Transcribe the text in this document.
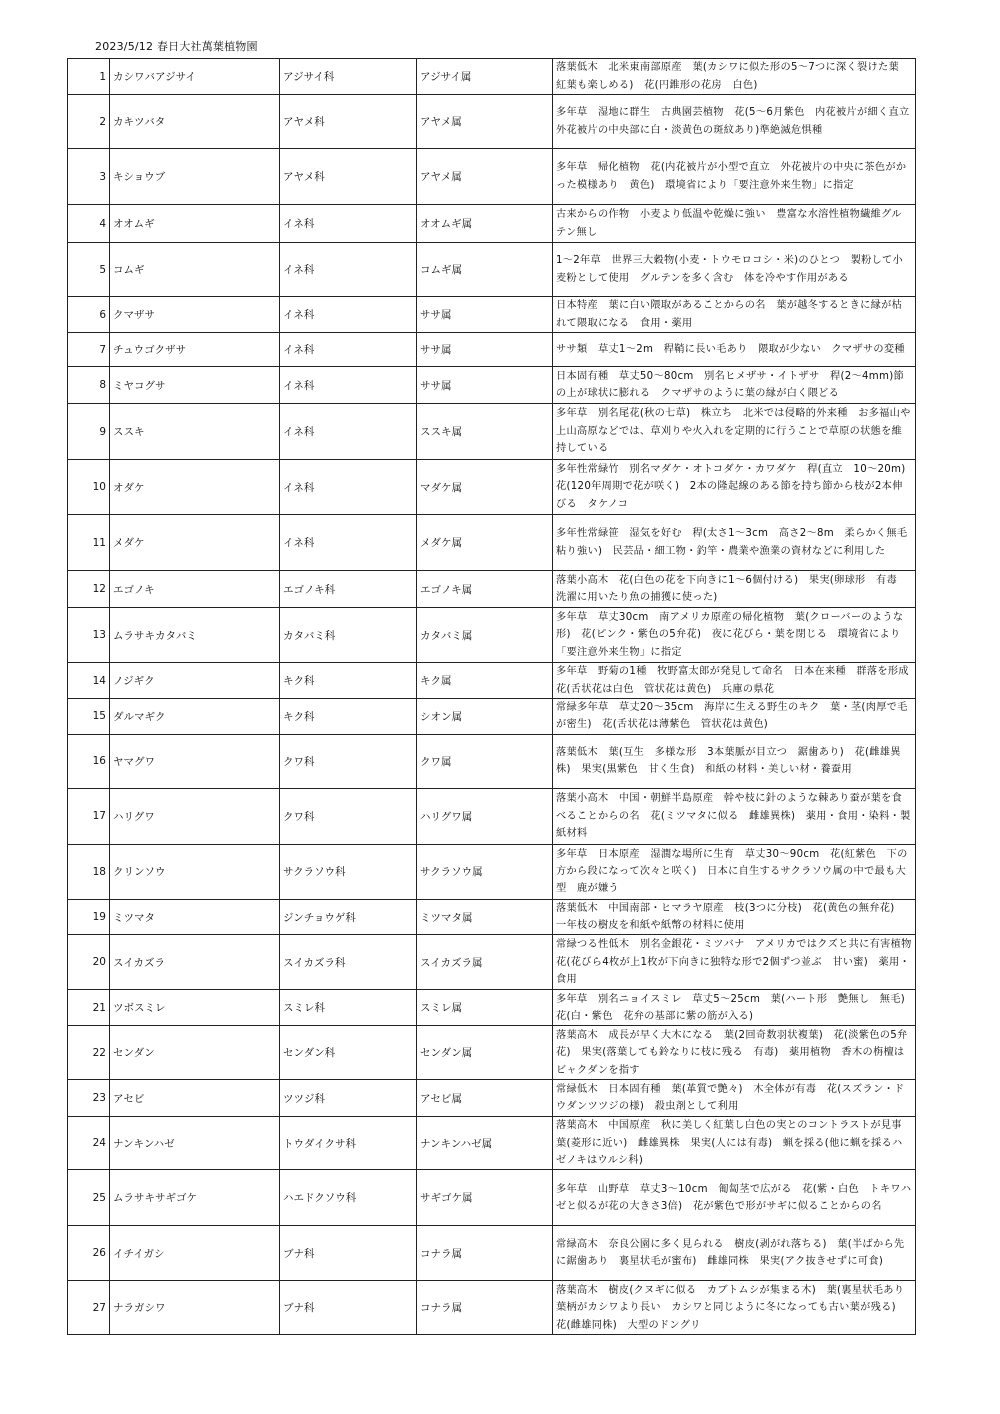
2023/5/12 春日大社萬葉植物園
1	カシワバアジサイ	アジサイ科	アジサイ属	落葉低木　北米東南部原産　葉(カシワに似た形の5～7つに深く裂けた葉　紅葉も楽しめる)　花(円錐形の花房　白色)
2	カキツバタ	アヤメ科	アヤメ属	多年草　湿地に群生　古典園芸植物　花(5～6月紫色　内花被片が細く直立　外花被片の中央部に白・淡黄色の斑紋あり)準絶滅危惧種
3	キショウブ	アヤメ科	アヤメ属	多年草　帰化植物　花(内花被片が小型で直立　外花被片の中央に茶色がかった模様あり　黄色)　環境省により「要注意外来生物」に指定
4	オオムギ	イネ科	オオムギ属	古来からの作物　小麦より低温や乾燥に強い　豊富な水溶性植物繊維グルテン無し
5	コムギ	イネ科	コムギ属	1～2年草　世界三大穀物(小麦・トウモロコシ・米)のひとつ　製粉して小麦粉として使用　グルテンを多く含む　体を冷やす作用がある
6	クマザサ	イネ科	ササ属	日本特産　葉に白い隈取があることからの名　葉が越冬するときに縁が枯れて隈取になる　食用・薬用
7	チュウゴクザサ	イネ科	ササ属	ササ類　草丈1～2m　稈鞘に長い毛あり　隈取が少ない　クマザサの変種
8	ミヤコグサ	イネ科	ササ属	日本固有種　草丈50～80cm　別名ヒメザサ・イトザサ　稈(2～4mm)節の上が球状に膨れる　クマザサのように葉の縁が白く隈どる
9	ススキ	イネ科	ススキ属	多年草　別名尾花(秋の七草)　株立ち　北米では侵略的外来種　お多福山や上山高原などでは、草刈りや火入れを定期的に行うことで草原の状態を維持している
10	オダケ	イネ科	マダケ属	多年性常緑竹　別名マダケ・オトコダケ・カワダケ　稈(直立　10～20m)　花(120年周期で花が咲く)　2本の隆起線のある節を持ち節から枝が2本伸びる　タケノコ
11	メダケ	イネ科	メダケ属	多年性常緑笹　湿気を好む　稈(太さ1～3cm　高さ2～8m　柔らかく無毛粘り強い)　民芸品・細工物・釣竿・農業や漁業の資材などに利用した
12	エゴノキ	エゴノキ科	エゴノキ属	落葉小高木　花(白色の花を下向きに1～6個付ける)　果実(卵球形　有毒　洗濯に用いたり魚の捕獲に使った)
13	ムラサキカタバミ	カタバミ科	カタバミ属	多年草　草丈30cm　南アメリカ原産の帰化植物　葉(クローバーのような形)　花(ピンク・紫色の5弁花)　夜に花びら・葉を閉じる　環境省により「要注意外来生物」に指定
14	ノジギク	キク科	キク属	多年草　野菊の1種　牧野富太郎が発見して命名　日本在来種　群落を形成　花(舌状花は白色　管状花は黄色)　兵庫の県花
15	ダルマギク	キク科	シオン属	常緑多年草　草丈20～35cm　海岸に生える野生のキク　葉・茎(肉厚で毛が密生)　花(舌状花は薄紫色　管状花は黄色)
16	ヤマグワ	クワ科	クワ属	落葉低木　葉(互生　多様な形　3本葉脈が目立つ　鋸歯あり)　花(雌雄異株)　果実(黒紫色　甘く生食)　和紙の材料・美しい材・養蚕用
17	ハリグワ	クワ科	ハリグワ属	落葉小高木　中国・朝鮮半島原産　幹や枝に針のような棘あり蚕が葉を食べることからの名　花(ミツマタに似る　雌雄異株)　薬用・食用・染料・製紙材料
18	クリンソウ	サクラソウ科	サクラソウ属	多年草　日本原産　湿潤な場所に生育　草丈30～90cm　花(紅紫色　下の方から段になって次々と咲く)　日本に自生するサクラソウ属の中で最も大型　鹿が嫌う
19	ミツマタ	ジンチョウゲ科	ミツマタ属	落葉低木　中国南部・ヒマラヤ原産　枝(3つに分枝)　花(黄色の無弁花)　一年枝の樹皮を和紙や紙幣の材料に使用
20	スイカズラ	スイカズラ科	スイカズラ属	常緑つる性低木　別名金銀花・ミツバナ　アメリカではクズと共に有害植物　花(花びら4枚が上1枚が下向きに独特な形で2個ずつ並ぶ　甘い蜜)　薬用・食用
21	ツボスミレ	スミレ科	スミレ属	多年草　別名ニョイスミレ　草丈5～25cm　葉(ハート形　艶無し　無毛)　花(白・紫色　花弁の基部に紫の筋が入る)
22	センダン	センダン科	センダン属	落葉高木　成長が早く大木になる　葉(2回奇数羽状複葉)　花(淡紫色の5弁花)　果実(落葉しても鈴なりに枝に残る　有毒)　薬用植物　香木の栴檀はビャクダンを指す
23	アセビ	ツツジ科	アセビ属	常緑低木　日本固有種　葉(革質で艶々)　木全体が有毒　花(スズラン・ドウダンツツジの様)　殺虫剤として利用
24	ナンキンハゼ	トウダイクサ科	ナンキンハゼ属	落葉高木　中国原産　秋に美しく紅葉し白色の実とのコントラストが見事　葉(菱形に近い)　雌雄異株　果実(人には有毒)　蝋を採る(他に蝋を採るハゼノキはウルシ科)
25	ムラサキサギゴケ	ハエドクソウ科	サギゴケ属	多年草　山野草　草丈3～10cm　匍匐茎で広がる　花(紫・白色　トキワハゼと似るが花の大きさ3倍)　花が紫色で形がサギに似ることからの名
26	イチイガシ	ブナ科	コナラ属	常緑高木　奈良公園に多く見られる　樹皮(剥がれ落ちる)　葉(半ばから先に鋸歯あり　裏星状毛が蜜布)　雌雄同株　果実(アク抜きせずに可食)
27	ナラガシワ	ブナ科	コナラ属	落葉高木　樹皮(クヌギに似る　カブトムシが集まる木)　葉(裏星状毛あり　葉柄がカシワより長い　カシワと同じように冬になっても古い葉が残る)　花(雌雄同株)　大型のドングリ
